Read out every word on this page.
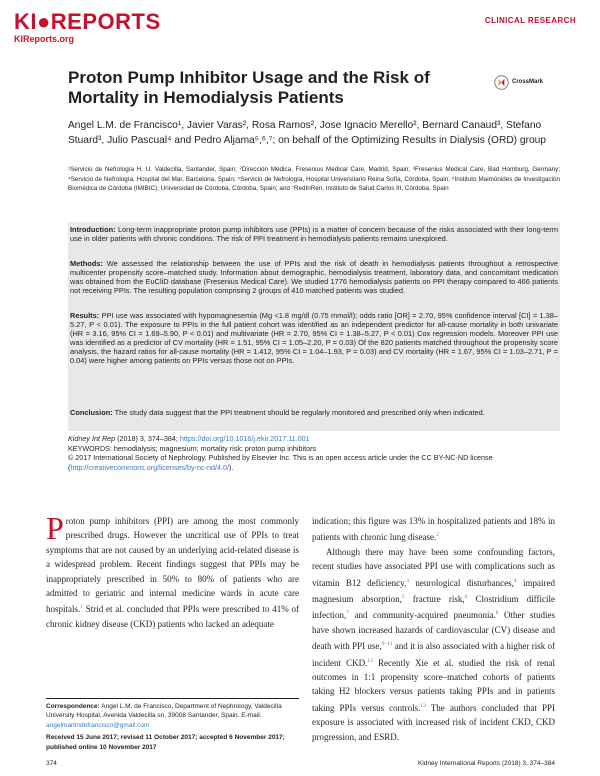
KI●REPORTS
KIReports.org
CLINICAL RESEARCH
Proton Pump Inhibitor Usage and the Risk of Mortality in Hemodialysis Patients
CrossMark
Angel L.M. de Francisco¹, Javier Varas², Rosa Ramos², Jose Ignacio Merello², Bernard Canaud³, Stefano Stuard³, Julio Pascual⁴ and Pedro Aljama⁵,⁶,⁷; on behalf of the Optimizing Results in Dialysis (ORD) group
¹Servicio de Nefrología H. U. Valdecilla, Santander, Spain; ²Dirección Médica, Fresenius Medical Care, Madrid, Spain; ³Fresenius Medical Care, Bad Homburg, Germany; ⁴Servicio de Nefrología, Hospital del Mar, Barcelona, Spain; ⁵Servicio de Nefrología, Hospital Universitario Reina Sofía, Córdoba, Spain; ⁶Instituto Maimónides de Investigación Biomédica de Córdoba (IMIBIC), Universidad de Córdoba, Córdoba, Spain; and ⁷RedInRen, Instituto de Salud Carlos III, Córdoba, Spain

Introduction: Long-term inappropriate proton pump inhibitors use (PPIs) is a matter of concern because of the risks associated with their long-term use in older patients with chronic conditions. The risk of PPI treatment in hemodialysis patients remains unexplored.

Methods: We assessed the relationship between the use of PPIs and the risk of death in hemodialysis patients throughout a retrospective multicenter propensity score–matched study. Information about demographic, hemodialysis treatment, laboratory data, and concomitant medication was obtained from the EuCliD database (Fresenius Medical Care). We studied 1776 hemodialysis patients on PPI therapy compared to 466 patients not receiving PPIs. The resulting population comprising 2 groups of 410 matched patients was studied.

Results: PPI use was associated with hypomagnesemia (Mg <1.8 mg/dl (0.75 mmol/l); odds ratio [OR] = 2.70, 95% confidence interval [CI] = 1.38–5.27, P < 0.01). The exposure to PPIs in the full patient cohort was identified as an independent predictor for all-cause mortality in both univariate (HR = 3.16, 95% CI = 1.69–5.90, P < 0.01) and multivariate (HR = 2.70, 95% CI = 1.38–5.27, P < 0.01) Cox regression models. Moreover PPI use was identified as a predictor of CV mortality (HR = 1.51, 95% CI = 1.05–2.20, P = 0.03) Of the 820 patients matched throughout the propensity score analysis, the hazard ratios for all-cause mortality (HR = 1.412, 95% CI = 1.04–1.93, P = 0.03) and CV mortality (HR = 1.67, 95% CI = 1.03–2.71, P = 0.04) were higher among patients on PPIs versus those not on PPIs.

Conclusion: The study data suggest that the PPI treatment should be regularly monitored and prescribed only when indicated.

Kidney Int Rep (2018) 3, 374–384; https://doi.org/10.1016/j.ekir.2017.11.001
KEYWORDS: hemodialysis; magnesium; mortality risk; proton pump inhibitors
© 2017 International Society of Nephrology. Published by Elsevier Inc. This is an open access article under the CC BY-NC-ND license (http://creativecommons.org/licenses/by-nc-nd/4.0/).

Proton pump inhibitors (PPI) are among the most commonly prescribed drugs. However the uncritical use of PPIs to treat symptoms that are not caused by an underlying acid-related disease is a widespread problem. Recent findings suggest that PPIs may be inappropriately prescribed in 50% to 80% of patients who are admitted to geriatric and internal medicine wards in acute care hospitals.$^1$ Strid et al. concluded that PPIs were prescribed to 41% of chronic kidney disease (CKD) patients who lacked an adequate

indication; this figure was 13% in hospitalized patients and 18% in patients with chronic lung disease.$^2$

Although there may have been some confounding factors, recent studies have associated PPI use with complications such as vitamin B12 deficiency,$^3$ neurological disturbances,$^4$ impaired magnesium absorption,$^5$ fracture risk,$^6$ Clostridium difficile infection,$^7$ and community-acquired pneumonia.$^8$ Other studies have shown increased hazards of cardiovascular (CV) disease and death with PPI use,$^{9-11}$ and it is also associated with a higher risk of incident CKD.$^{12}$ Recently Xie et al. studied the risk of renal outcomes in 1:1 propensity score–matched cohorts of patients taking H2 blockers versus patients taking PPIs and in patients taking PPIs versus controls.$^{13}$ The authors concluded that PPI exposure is associated with increased risk of incident CKD, CKD progression, and ESRD.

Correspondence: Angel L.M. de Francisco, Department of Nephrology, Valdecilla University Hospital, Avenida Valdecilla sn, 39008 Santander, Spain. E-mail: angelmartindefrancisco@gmail.com
Received 15 June 2017; revised 11 October 2017; accepted 6 November 2017; published online 10 November 2017
374	Kidney International Reports (2018) 3, 374–384
